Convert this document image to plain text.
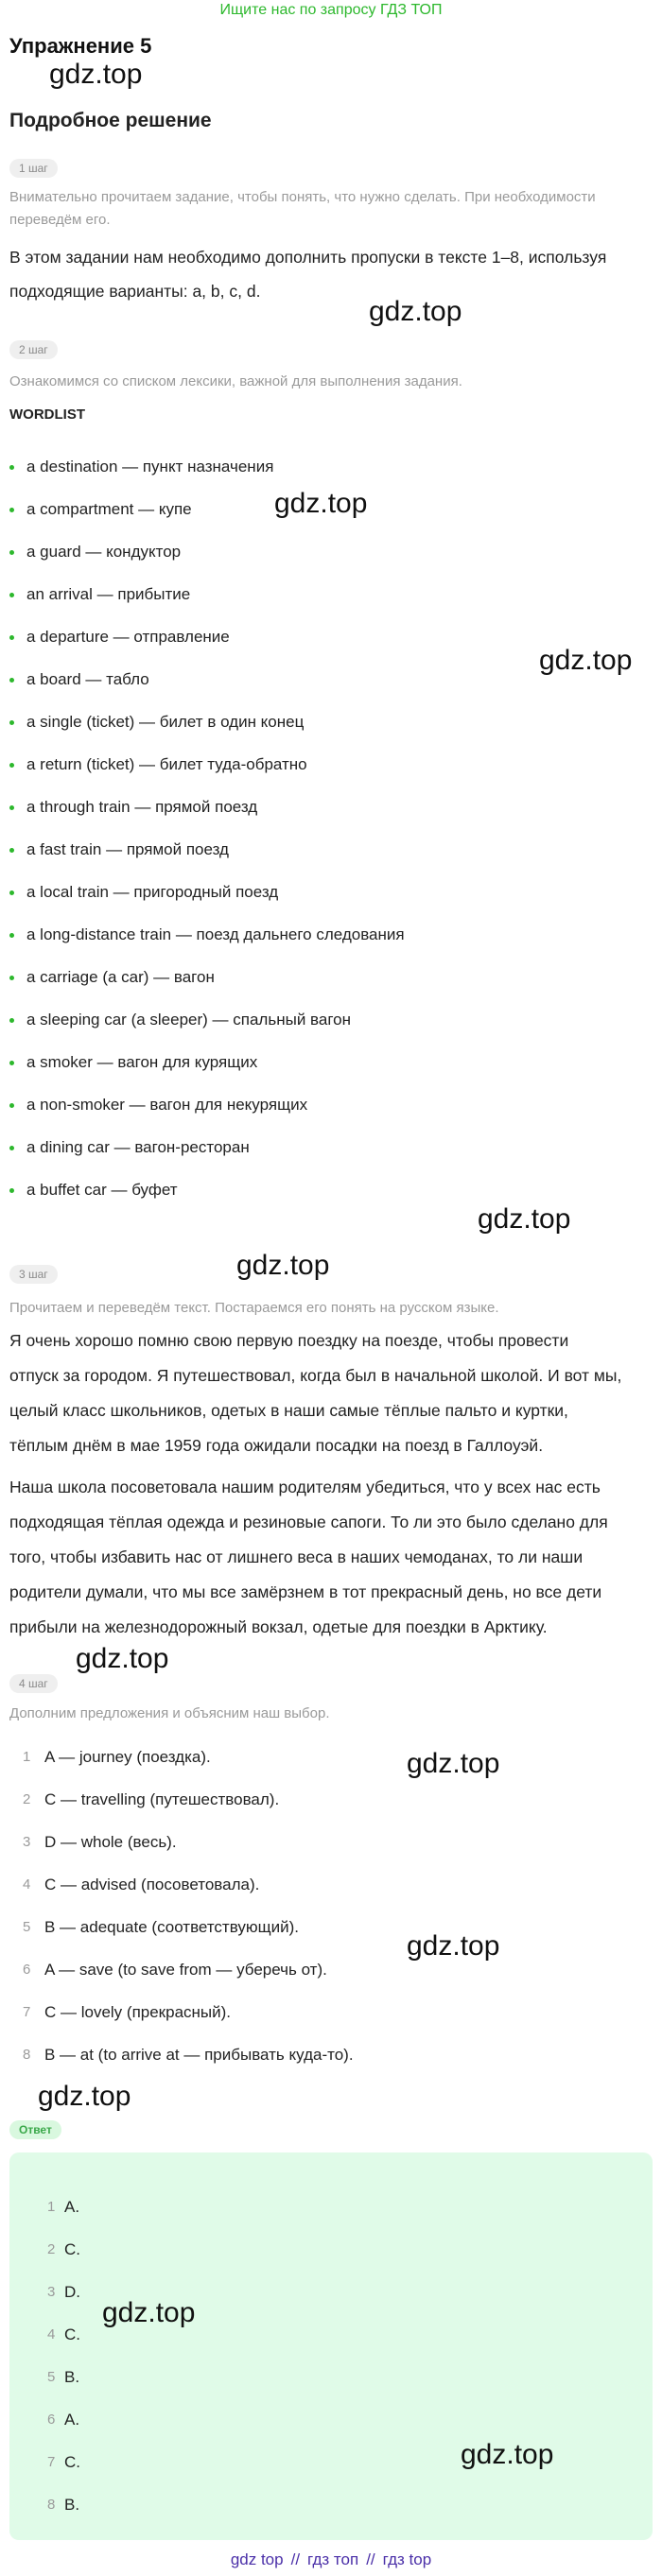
Ищите нас по запросу ГДЗ ТОП
Упражнение 5
gdz.top
Подробное решение
1 шаг
Внимательно прочитаем задание, чтобы понять, что нужно сделать. При необходимости переведём его.
В этом задании нам необходимо дополнить пропуски в тексте 1–8, используя
подходящие варианты: a, b, c, d.
gdz.top
2 шаг
Ознакомимся со списком лексики, важной для выполнения задания.
WORDLIST
a destination — пункт назначения
a compartment — купе
a guard — кондуктор
an arrival — прибытие
a departure — отправление
a board — табло
a single (ticket) — билет в один конец
a return (ticket) — билет туда-обратно
a through train — прямой поезд
a fast train — прямой поезд
a local train — пригородный поезд
a long-distance train — поезд дальнего следования
a carriage (a car) — вагон
a sleeping car (a sleeper) — спальный вагон
a smoker — вагон для курящих
a non-smoker — вагон для некурящих
a dining car — вагон-ресторан
a buffet car — буфет
gdz.top
gdz.top
gdz.top
3 шаг	gdz.top
Прочитаем и переведём текст. Постараемся его понять на русском языке.
Я очень хорошо помню свою первую поездку на поезде, чтобы провести
отпуск за городом. Я путешествовал, когда был в начальной школой. И вот мы,
целый класс школьников, одетых в наши самые тёплые пальто и куртки,
тёплым днём в мае 1959 года ожидали посадки на поезд в Галлоуэй.
Наша школа посоветовала нашим родителям убедиться, что у всех нас есть
подходящая тёплая одежда и резиновые сапоги. То ли это было сделано для
того, чтобы избавить нас от лишнего веса в наших чемоданах, то ли наши
родители думали, что мы все замёрзнем в тот прекрасный день, но все дети
прибыли на железнодорожный вокзал, одетые для поездки в Арктику.
gdz.top
4 шаг
Дополним предложения и объясним наш выбор.
1 A — journey (поездка).
2 C — travelling (путешествовал).
3 D — whole (весь).
4 C — advised (посоветовала).
5 B — adequate (соответствующий).
6 A — save (to save from — уберечь от).
7 C — lovely (прекрасный).
8 B — at (to arrive at — прибывать куда-то).
gdz.top
gdz.top
gdz.top
Ответ
1 A.
2 C.
3 D.
4 C.
5 B.
6 A.
7 C.
8 B.
gdz.top
gdz.top
gdz top // гдз топ // гдз top
